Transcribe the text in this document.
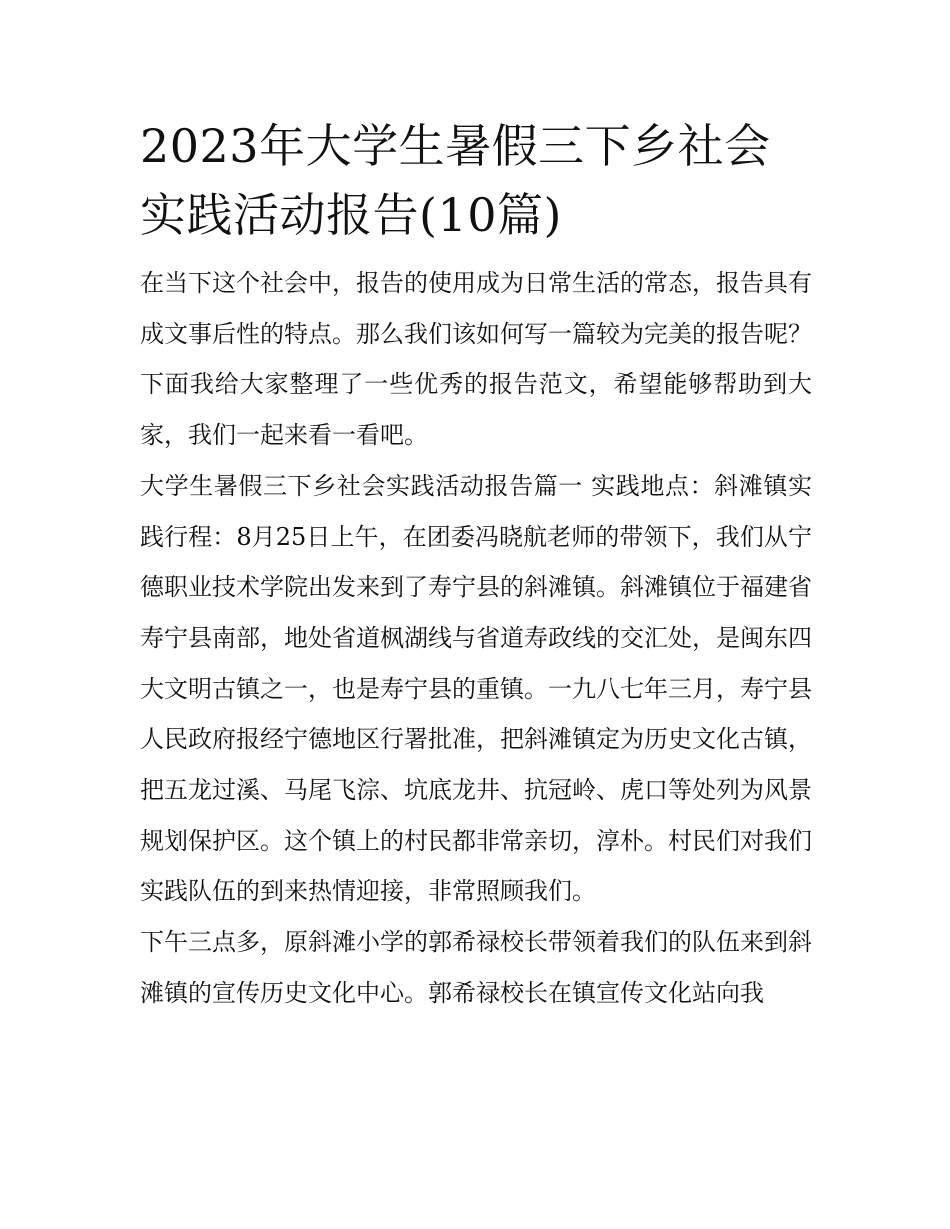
2023年大学生暑假三下乡社会实践活动报告(10篇)

在当下这个社会中，报告的使用成为日常生活的常态，报告具有成文事后性的特点。那么我们该如何写一篇较为完美的报告呢？下面我给大家整理了一些优秀的报告范文，希望能够帮助到大家，我们一起来看一看吧。

大学生暑假三下乡社会实践活动报告篇一 实践地点：斜滩镇实践行程：8月25日上午，在团委冯晓航老师的带领下，我们从宁德职业技术学院出发来到了寿宁县的斜滩镇。斜滩镇位于福建省寿宁县南部，地处省道枫湖线与省道寿政线的交汇处，是闽东四大文明古镇之一，也是寿宁县的重镇。一九八七年三月，寿宁县人民政府报经宁德地区行署批准，把斜滩镇定为历史文化古镇，把五龙过溪、马尾飞淙、坑底龙井、抗冠岭、虎口等处列为风景规划保护区。这个镇上的村民都非常亲切，淳朴。村民们对我们实践队伍的到来热情迎接，非常照顾我们。

下午三点多，原斜滩小学的郭希禄校长带领着我们的队伍来到斜滩镇的宣传历史文化中心。郭希禄校长在镇宣传文化站向我
